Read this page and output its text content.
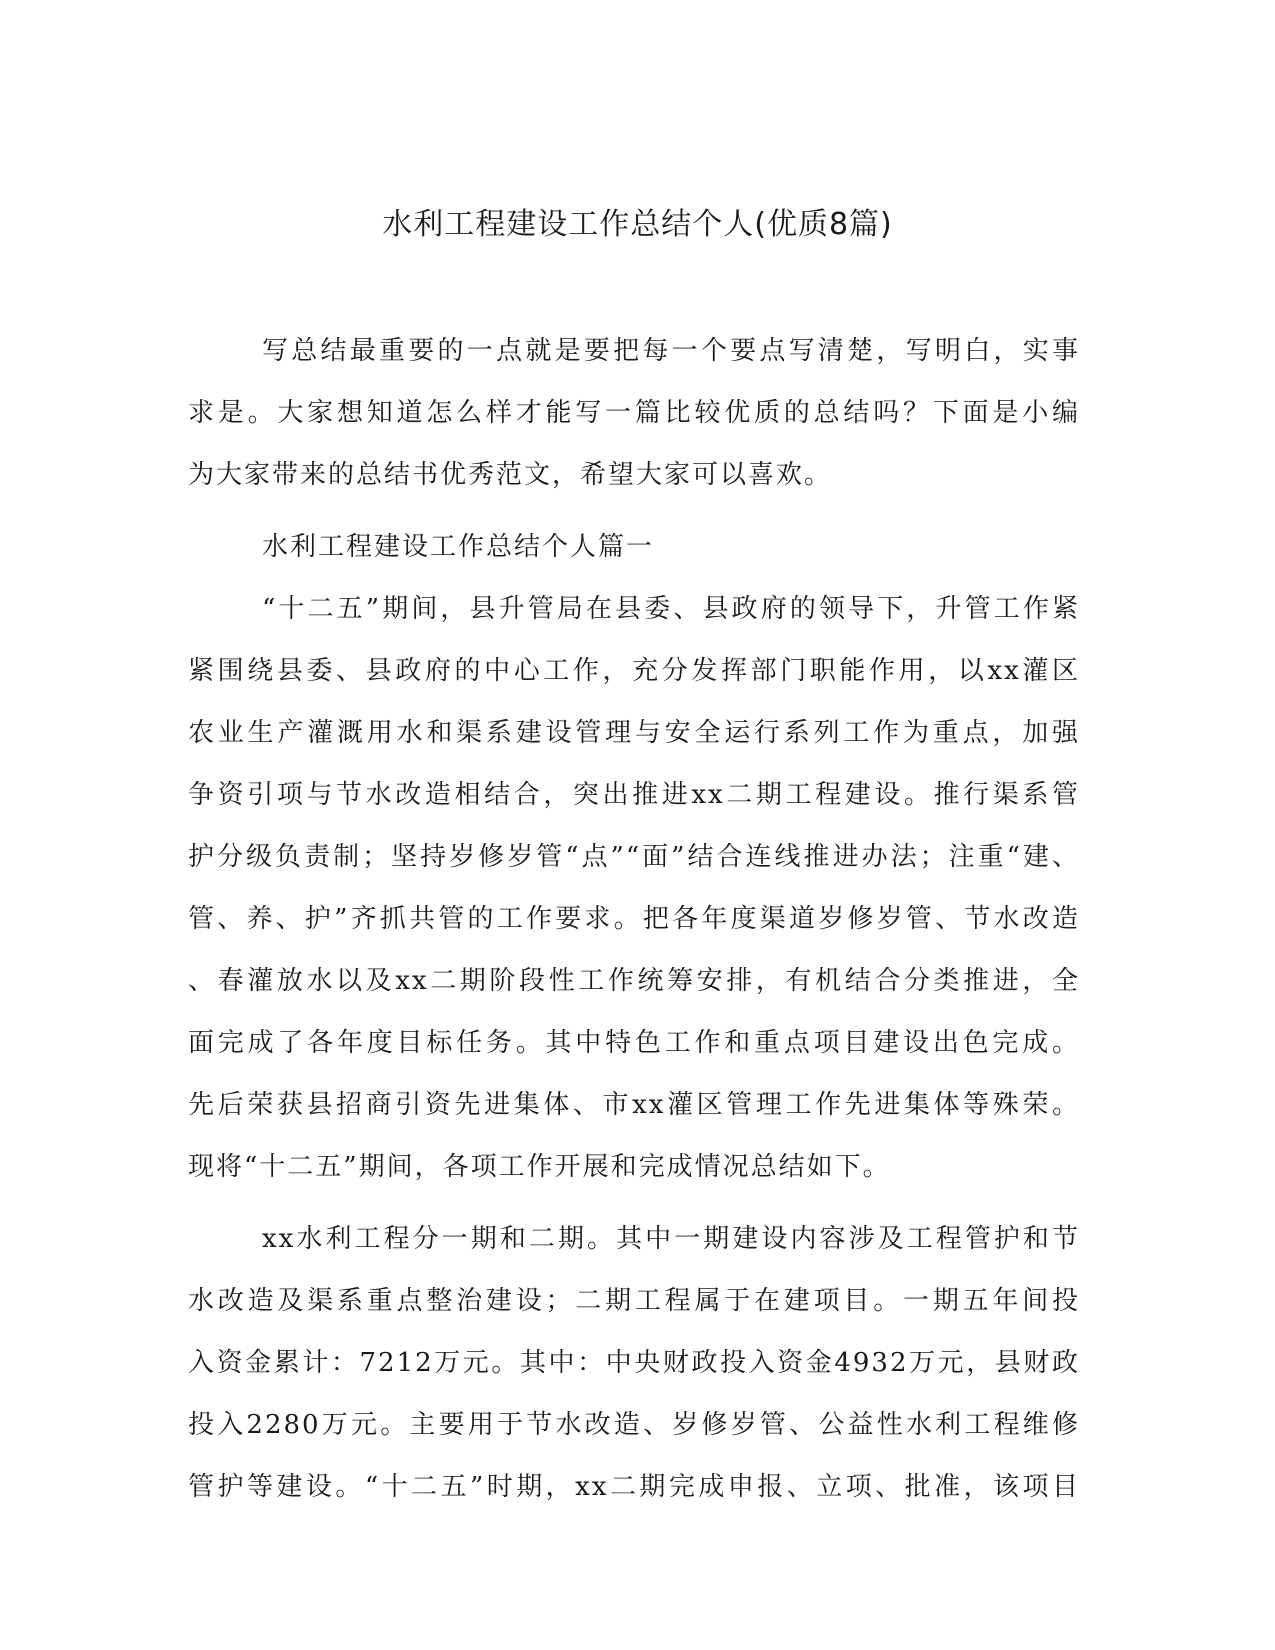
水利工程建设工作总结个人(优质8篇)
写总结最重要的一点就是要把每一个要点写清楚，写明白，实事
求是。大家想知道怎么样才能写一篇比较优质的总结吗？下面是小编
为大家带来的总结书优秀范文，希望大家可以喜欢。
水利工程建设工作总结个人篇一
“十二五”期间，县升管局在县委、县政府的领导下，升管工作紧
紧围绕县委、县政府的中心工作，充分发挥部门职能作用，以xx灌区
农业生产灌溉用水和渠系建设管理与安全运行系列工作为重点，加强
争资引项与节水改造相结合，突出推进xx二期工程建设。推行渠系管
护分级负责制；坚持岁修岁管“点”“面”结合连线推进办法；注重“建、
管、养、护”齐抓共管的工作要求。把各年度渠道岁修岁管、节水改造
、春灌放水以及xx二期阶段性工作统筹安排，有机结合分类推进，全
面完成了各年度目标任务。其中特色工作和重点项目建设出色完成。
先后荣获县招商引资先进集体、市xx灌区管理工作先进集体等殊荣。
现将“十二五”期间，各项工作开展和完成情况总结如下。
xx水利工程分一期和二期。其中一期建设内容涉及工程管护和节
水改造及渠系重点整治建设；二期工程属于在建项目。一期五年间投
入资金累计：7212万元。其中：中央财政投入资金4932万元，县财政
投入2280万元。主要用于节水改造、岁修岁管、公益性水利工程维修
管护等建设。“十二五”时期，xx二期完成申报、立项、批准，该项目
